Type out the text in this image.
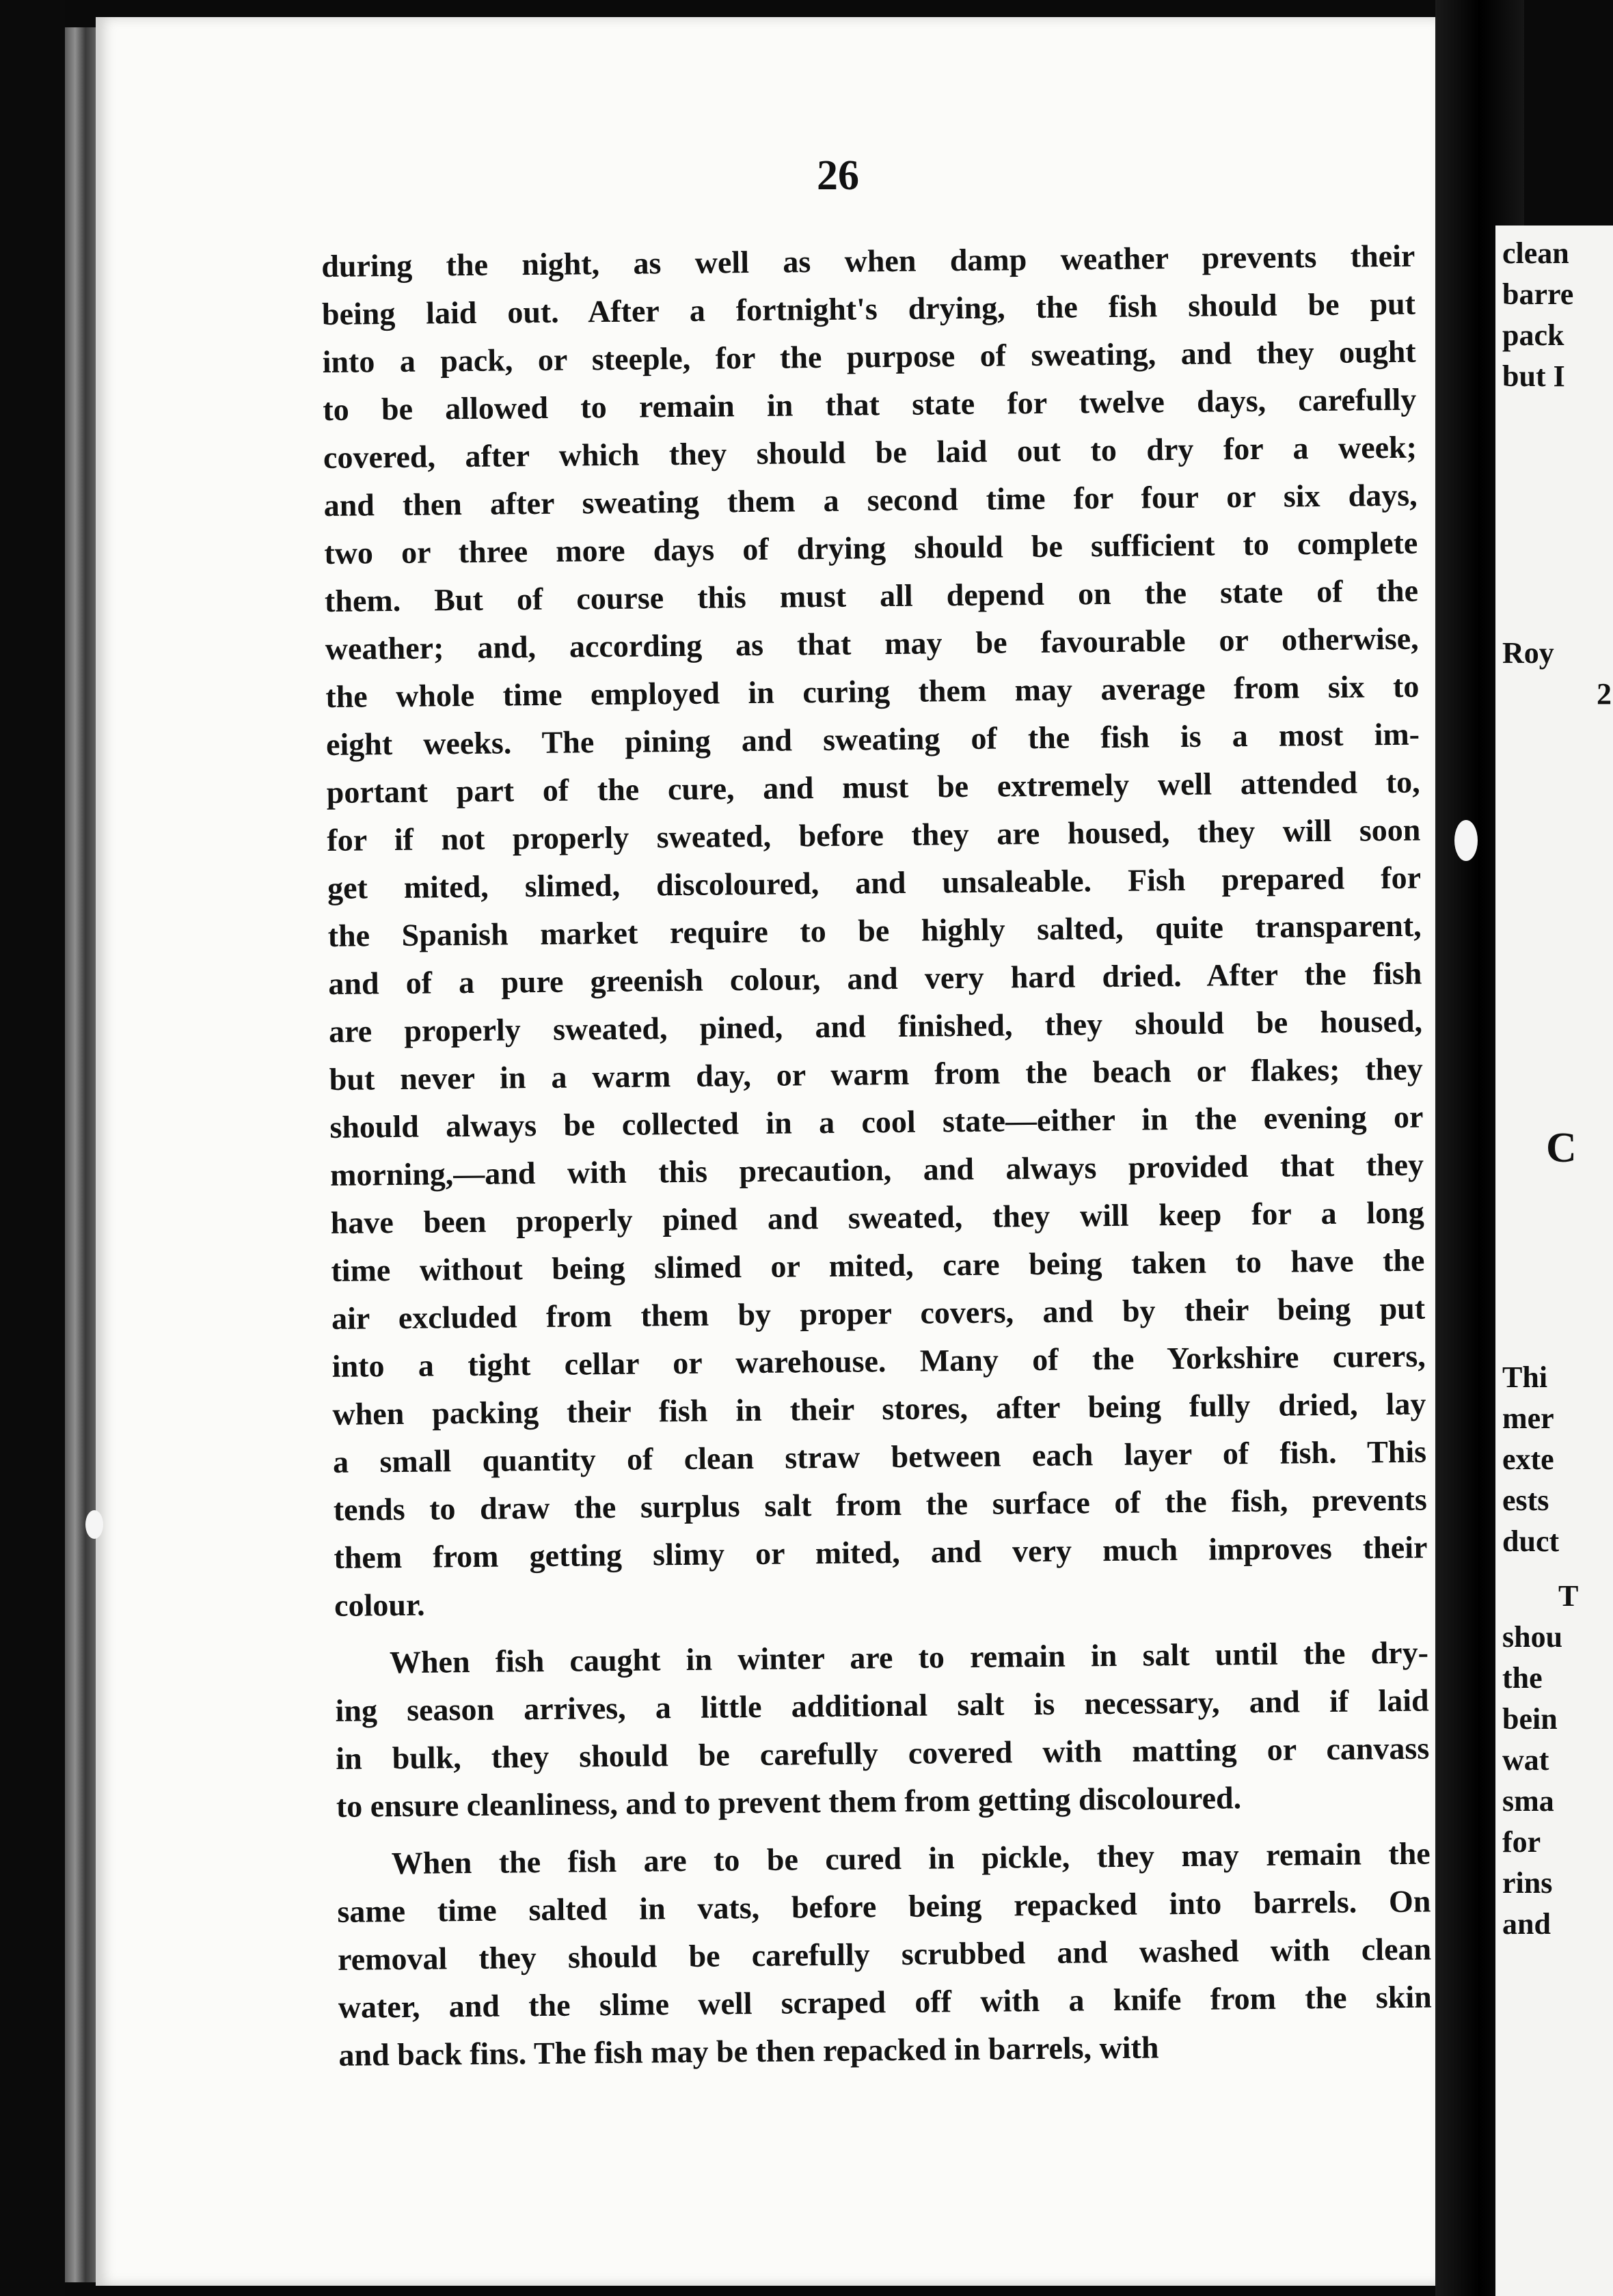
26
during the night, as well as when damp weather prevents their
being laid out. After a fortnight's drying, the fish should be put
into a pack, or steeple, for the purpose of sweating, and they ought
to be allowed to remain in that state for twelve days, carefully
covered, after which they should be laid out to dry for a week;
and then after sweating them a second time for four or six days,
two or three more days of drying should be sufficient to complete
them. But of course this must all depend on the state of the
weather; and, according as that may be favourable or otherwise,
the whole time employed in curing them may average from six to
eight weeks. The pining and sweating of the fish is a most im-
portant part of the cure, and must be extremely well attended to,
for if not properly sweated, before they are housed, they will soon
get mited, slimed, discoloured, and unsaleable. Fish prepared for
the Spanish market require to be highly salted, quite transparent,
and of a pure greenish colour, and very hard dried. After the fish
are properly sweated, pined, and finished, they should be housed,
but never in a warm day, or warm from the beach or flakes; they
should always be collected in a cool state—either in the evening or
morning,—and with this precaution, and always provided that they
have been properly pined and sweated, they will keep for a long
time without being slimed or mited, care being taken to have the
air excluded from them by proper covers, and by their being put
into a tight cellar or warehouse. Many of the Yorkshire curers,
when packing their fish in their stores, after being fully dried, lay
a small quantity of clean straw between each layer of fish. This
tends to draw the surplus salt from the surface of the fish, prevents
them from getting slimy or mited, and very much improves their
colour.
When fish caught in winter are to remain in salt until the dry-
ing season arrives, a little additional salt is necessary, and if laid
in bulk, they should be carefully covered with matting or canvass
to ensure cleanliness, and to prevent them from getting discoloured.
When the fish are to be cured in pickle, they may remain the
same time salted in vats, before being repacked into barrels. On
removal they should be carefully scrubbed and washed with clean
water, and the slime well scraped off with a knife from the skin
and back fins. The fish may be then repacked in barrels, with
clean
barre
pack
but I
Roy
2
C
Thi
mer
exte
ests
duct
T
shou
the
bein
wat
sma
for
rins
and
